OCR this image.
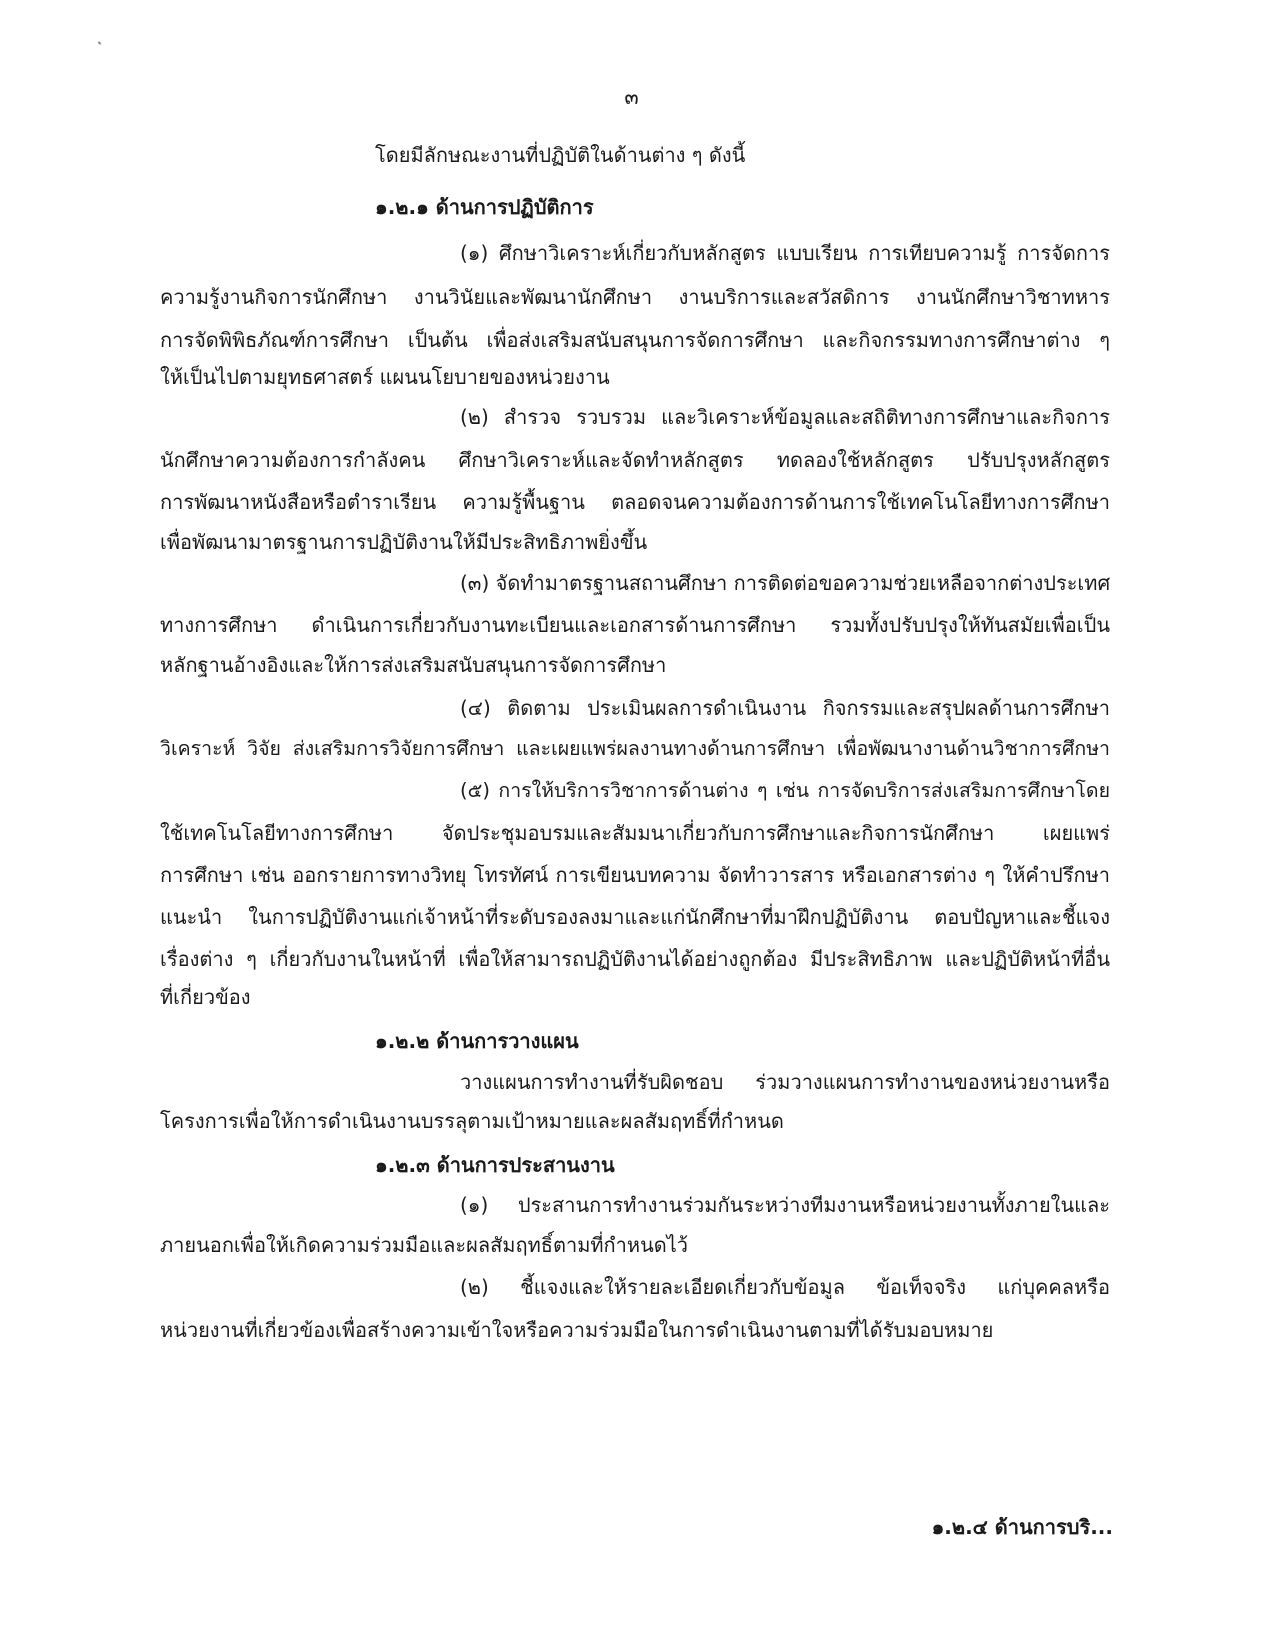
๓
โดยมีลักษณะงานที่ปฏิบัติในด้านต่าง ๆ ดังนี้
๑.๒.๑ ด้านการปฏิบัติการ
(๑) ศึกษาวิเคราะห์เกี่ยวกับหลักสูตร แบบเรียน การเทียบความรู้ การจัดการ
ความรู้งานกิจการนักศึกษา งานวินัยและพัฒนานักศึกษา งานบริการและสวัสดิการ งานนักศึกษาวิชาทหาร
การจัดพิพิธภัณฑ์การศึกษา เป็นต้น เพื่อส่งเสริมสนับสนุนการจัดการศึกษา และกิจกรรมทางการศึกษาต่าง ๆ
ให้เป็นไปตามยุทธศาสตร์ แผนนโยบายของหน่วยงาน
(๒) สำรวจ รวบรวม และวิเคราะห์ข้อมูลและสถิติทางการศึกษาและกิจการ
นักศึกษาความต้องการกำลังคน ศึกษาวิเคราะห์และจัดทำหลักสูตร ทดลองใช้หลักสูตร ปรับปรุงหลักสูตร
การพัฒนาหนังสือหรือตำราเรียน ความรู้พื้นฐาน ตลอดจนความต้องการด้านการใช้เทคโนโลยีทางการศึกษา
เพื่อพัฒนามาตรฐานการปฏิบัติงานให้มีประสิทธิภาพยิ่งขึ้น
(๓) จัดทำมาตรฐานสถานศึกษา การติดต่อขอความช่วยเหลือจากต่างประเทศ
ทางการศึกษา ดำเนินการเกี่ยวกับงานทะเบียนและเอกสารด้านการศึกษา รวมทั้งปรับปรุงให้ทันสมัยเพื่อเป็น
หลักฐานอ้างอิงและให้การส่งเสริมสนับสนุนการจัดการศึกษา
(๔) ติดตาม ประเมินผลการดำเนินงาน กิจกรรมและสรุปผลด้านการศึกษา
วิเคราะห์ วิจัย ส่งเสริมการวิจัยการศึกษา และเผยแพร่ผลงานทางด้านการศึกษา เพื่อพัฒนางานด้านวิชาการศึกษา
(๕) การให้บริการวิชาการด้านต่าง ๆ เช่น การจัดบริการส่งเสริมการศึกษาโดย
ใช้เทคโนโลยีทางการศึกษา จัดประชุมอบรมและสัมมนาเกี่ยวกับการศึกษาและกิจการนักศึกษา เผยแพร่
การศึกษา เช่น ออกรายการทางวิทยุ โทรทัศน์ การเขียนบทความ จัดทำวารสาร หรือเอกสารต่าง ๆ ให้คำปรึกษา
แนะนำ ในการปฏิบัติงานแก่เจ้าหน้าที่ระดับรองลงมาและแก่นักศึกษาที่มาฝึกปฏิบัติงาน ตอบปัญหาและชี้แจง
เรื่องต่าง ๆ เกี่ยวกับงานในหน้าที่ เพื่อให้สามารถปฏิบัติงานได้อย่างถูกต้อง มีประสิทธิภาพ และปฏิบัติหน้าที่อื่น
ที่เกี่ยวข้อง
๑.๒.๒ ด้านการวางแผน
วางแผนการทำงานที่รับผิดชอบ ร่วมวางแผนการทำงานของหน่วยงานหรือ
โครงการเพื่อให้การดำเนินงานบรรลุตามเป้าหมายและผลสัมฤทธิ์ที่กำหนด
๑.๒.๓ ด้านการประสานงาน
(๑) ประสานการทำงานร่วมกันระหว่างทีมงานหรือหน่วยงานทั้งภายในและ
ภายนอกเพื่อให้เกิดความร่วมมือและผลสัมฤทธิ์ตามที่กำหนดไว้
(๒) ชี้แจงและให้รายละเอียดเกี่ยวกับข้อมูล ข้อเท็จจริง แก่บุคคลหรือ
หน่วยงานที่เกี่ยวข้องเพื่อสร้างความเข้าใจหรือความร่วมมือในการดำเนินงานตามที่ได้รับมอบหมาย
๑.๒.๔ ด้านการบริ...
